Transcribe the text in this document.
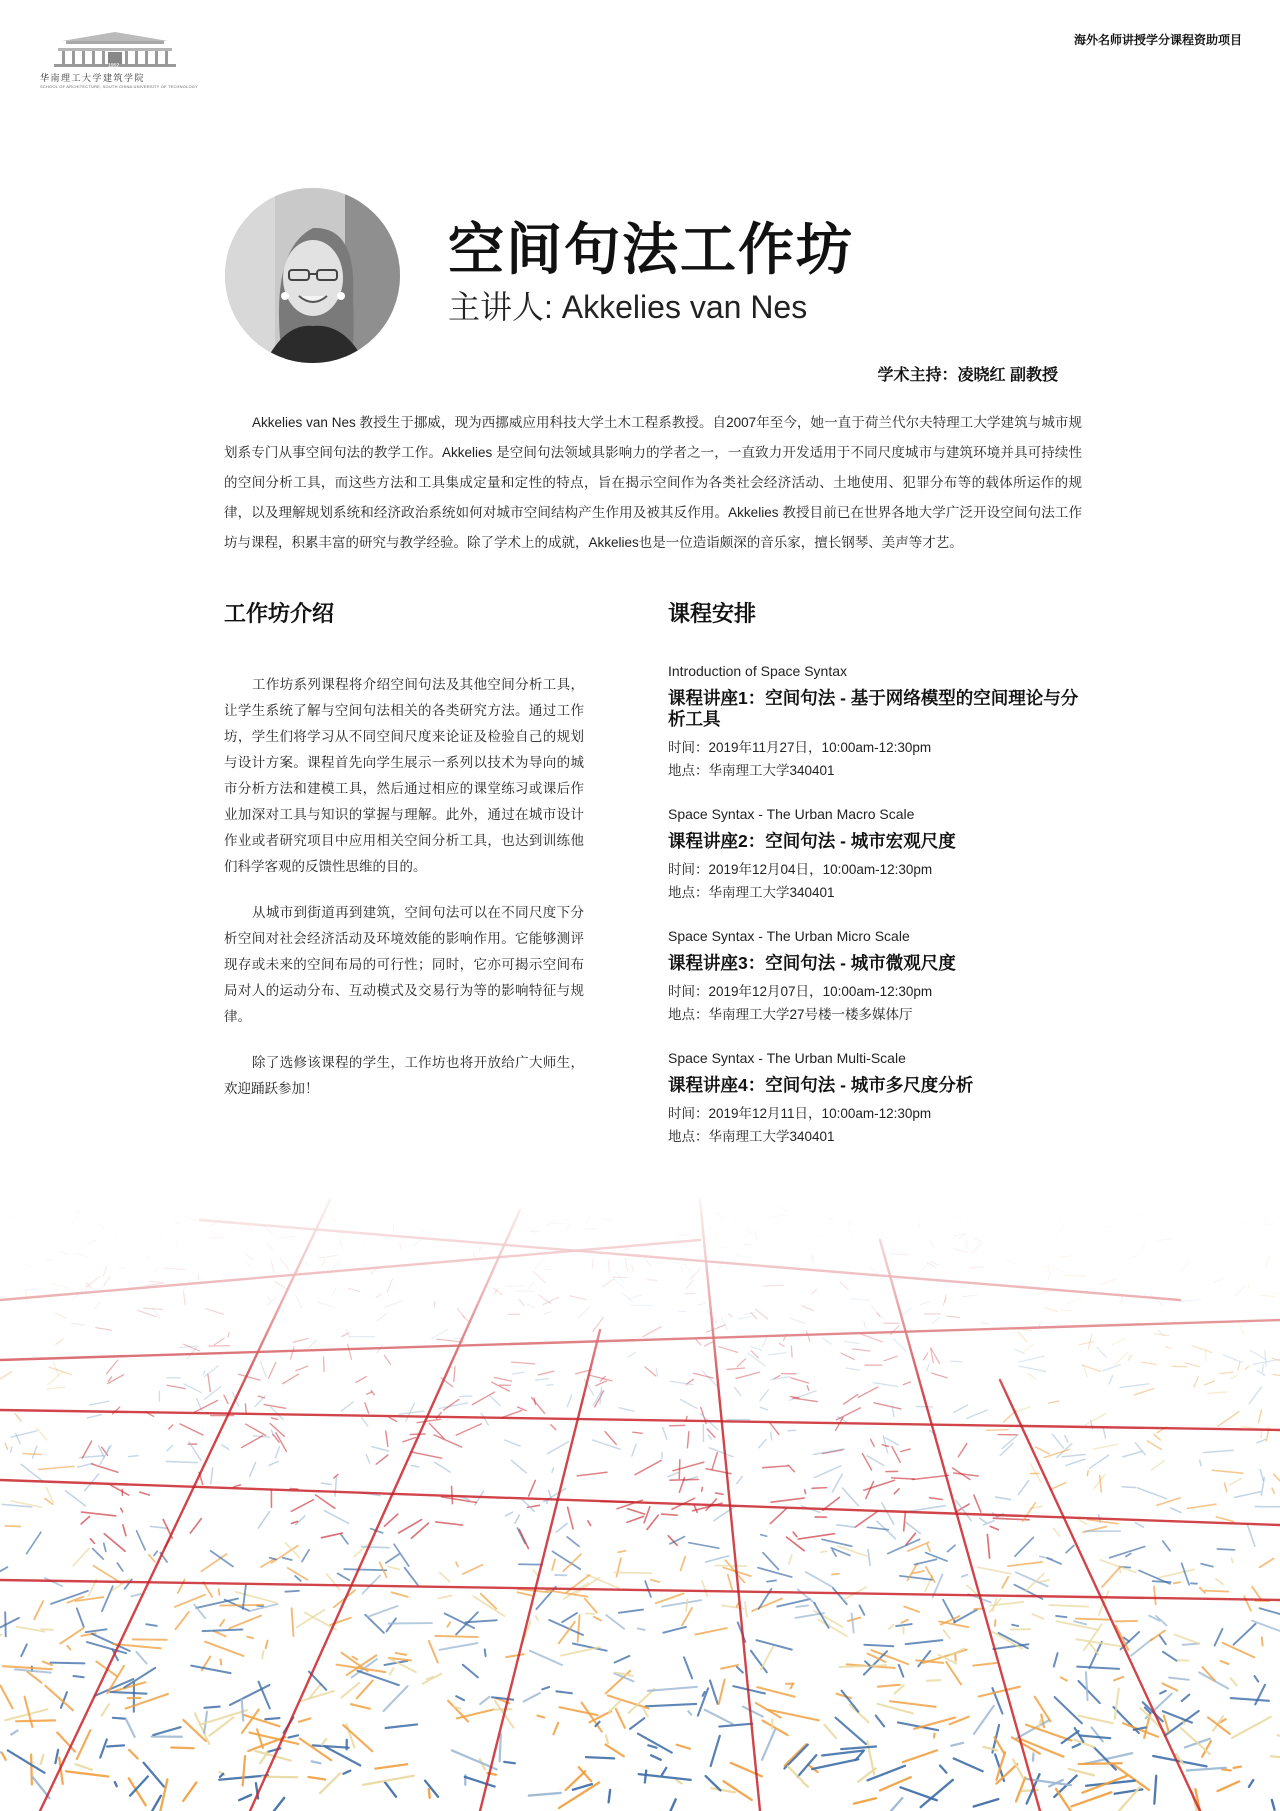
1952
华南理工大学建筑学院
SCHOOL OF ARCHITECTURE, SOUTH CHINA UNIVERSITY OF TECHNOLOGY
海外名师讲授学分课程资助项目
空间句法工作坊
主讲人: Akkelies van Nes
学术主持：凌晓红 副教授

Akkelies van Nes 教授生于挪威，现为西挪威应用科技大学土木工程系教授。自2007年至今，她一直于荷兰代尔夫特理工大学建筑与城市规划系专门从事空间句法的教学工作。Akkelies 是空间句法领域具影响力的学者之一，一直致力开发适用于不同尺度城市与建筑环境并具可持续性的空间分析工具，而这些方法和工具集成定量和定性的特点，旨在揭示空间作为各类社会经济活动、土地使用、犯罪分布等的载体所运作的规律，以及理解规划系统和经济政治系统如何对城市空间结构产生作用及被其反作用。Akkelies 教授目前已在世界各地大学广泛开设空间句法工作坊与课程，积累丰富的研究与教学经验。除了学术上的成就，Akkelies也是一位造诣颇深的音乐家，擅长钢琴、美声等才艺。

工作坊介绍

工作坊系列课程将介绍空间句法及其他空间分析工具，让学生系统了解与空间句法相关的各类研究方法。通过工作坊，学生们将学习从不同空间尺度来论证及检验自己的规划与设计方案。课程首先向学生展示一系列以技术为导向的城市分析方法和建模工具，然后通过相应的课堂练习或课后作业加深对工具与知识的掌握与理解。此外，通过在城市设计作业或者研究项目中应用相关空间分析工具，也达到训练他们科学客观的反馈性思维的目的。

从城市到街道再到建筑，空间句法可以在不同尺度下分析空间对社会经济活动及环境效能的影响作用。它能够测评现存或未来的空间布局的可行性；同时，它亦可揭示空间布局对人的运动分布、互动模式及交易行为等的影响特征与规律。

除了选修该课程的学生，工作坊也将开放给广大师生，欢迎踊跃参加！

课程安排
Introduction of Space Syntax
课程讲座1：空间句法 - 基于网络模型的空间理论与分析工具
时间：2019年11月27日，10:00am-12:30pm
地点：华南理工大学340401
Space Syntax - The Urban Macro Scale
课程讲座2：空间句法 - 城市宏观尺度
时间：2019年12月04日，10:00am-12:30pm
地点：华南理工大学340401
Space Syntax - The Urban Micro Scale
课程讲座3：空间句法 - 城市微观尺度
时间：2019年12月07日，10:00am-12:30pm
地点：华南理工大学27号楼一楼多媒体厅
Space Syntax - The Urban Multi-Scale
课程讲座4：空间句法 - 城市多尺度分析
时间：2019年12月11日，10:00am-12:30pm
地点：华南理工大学340401
